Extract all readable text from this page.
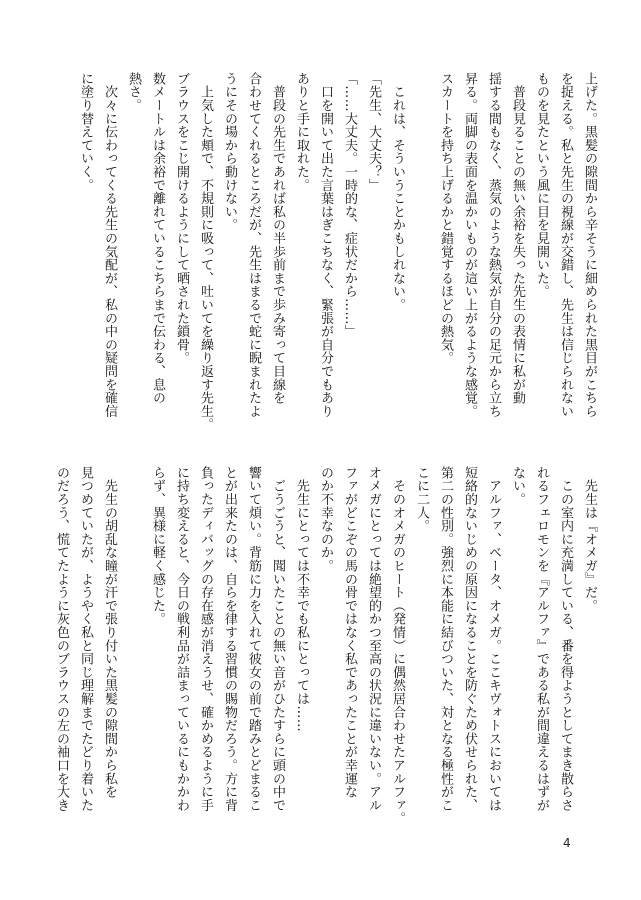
上げた。黒髪の隙間から辛そうに細められた黒目がこちら
を捉える。私と先生の視線が交錯し、先生は信じられない
ものを見たという風に目を見開いた。
　普段見ることの無い余裕を失った先生の表情に私が動
揺する間もなく、蒸気のような熱気が自分の足元から立ち
昇る。両脚の表面を温かいものが這い上がるような感覚。
スカートを持ち上げるかと錯覚するほどの熱気。

　これは、そういうことかもしれない。
「先生、大丈夫？」
「……大丈夫。一時的な、症状だから……」
　口を開いて出た言葉はぎこちなく、緊張が自分でもあり
ありと手に取れた。
　普段の先生であれば私の半歩前まで歩み寄って目線を
合わせてくれるところだが、先生はまるで蛇に睨まれたよ
うにその場から動けない。
　上気した頬で、不規則に吸って、吐いてを繰り返す先生。
ブラウスをこじ開けるようにして晒された鎖骨。
数メートルは余裕で離れているこちらまで伝わる、息の
熱さ。
　次々に伝わってくる先生の気配が、私の中の疑問を確信
に塗り替えていく。
　先生は『オメガ』だ。
　この室内に充満している、番を得ようとしてまき散らさ
れるフェロモンを『アルファ』である私が間違えるはずが
ない。
　アルファ、ベータ、オメガ。ここキヴォトスにおいては
短絡的ないじめの原因になることを防ぐため伏せられた、
第二の性別。強烈に本能に結びついた、対となる極性がこ
こに二人。
　そのオメガのヒート（発情）に偶然居合わせたアルファ。
オメガにとっては絶望的かつ至高の状況に違いない。アル
ファがどこぞの馬の骨ではなく私であったことが幸運な
のか不幸なのか。
　先生にとっては不幸でも私にとっては……
　ごうごうと、聞いたことの無い音がひたすらに頭の中で
響いて煩い。背筋に力を入れて彼女の前で踏みとどまるこ
とが出来たのは、自らを律する習慣の賜物だろう。方に背
負ったディバッグの存在感が消えうせ、確かめるように手
に持ち変えると、今日の戦利品が詰まっているにもかかわ
らず、異様に軽く感じた。

　先生の胡乱な瞳が汗で張り付いた黒髪の隙間から私を
見つめていたが、ようやく私と同じ理解までたどり着いた
のだろう、慌てたように灰色のブラウスの左の袖口を大き
4
